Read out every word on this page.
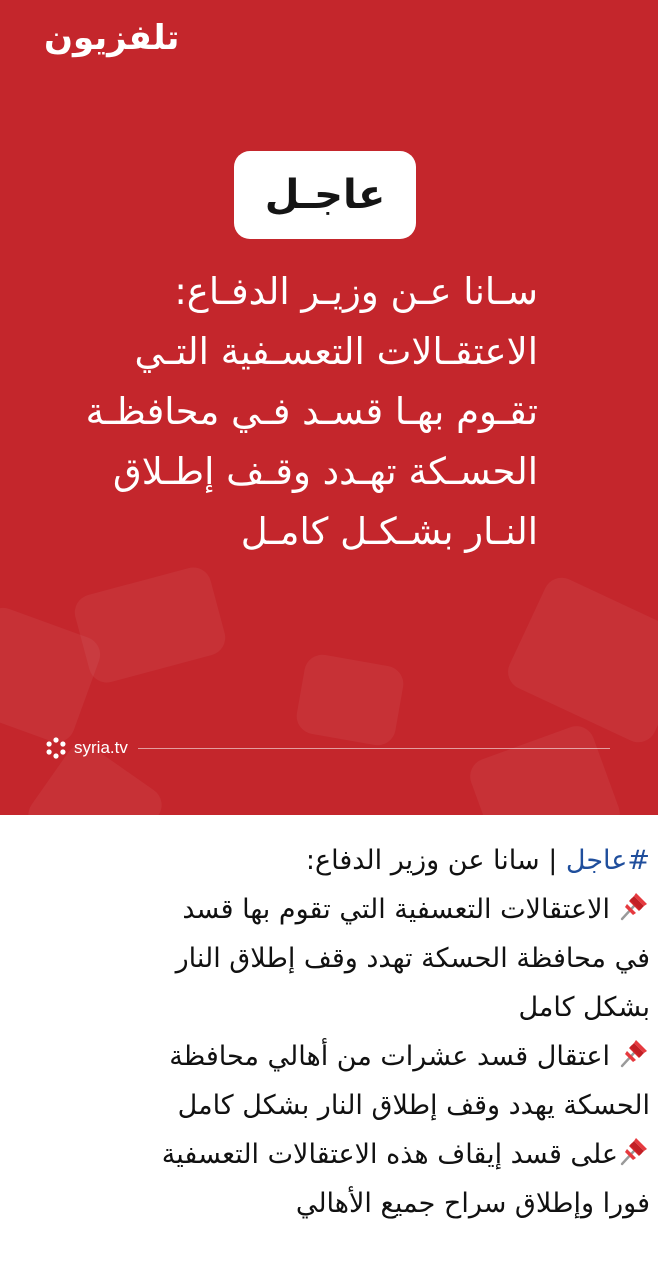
تلفزيون
عاجـل
سـانا عـن وزيـر الدفـاع:
الاعتقـالات التعسـفية التـي
تقـوم بهـا قسـد فـي محافظـة
الحسـكة تهـدد وقـف إطـلاق
النـار بشـكـل كامـل
syria.tv
#عاجل | سانا عن وزير الدفاع:
الاعتقالات التعسفية التي تقوم بها قسد
في محافظة الحسكة تهدد وقف إطلاق النار
بشكل كامل
اعتقال قسد عشرات من أهالي محافظة
الحسكة يهدد وقف إطلاق النار بشكل كامل
على قسد إيقاف هذه الاعتقالات التعسفية
فورا وإطلاق سراح جميع الأهالي
